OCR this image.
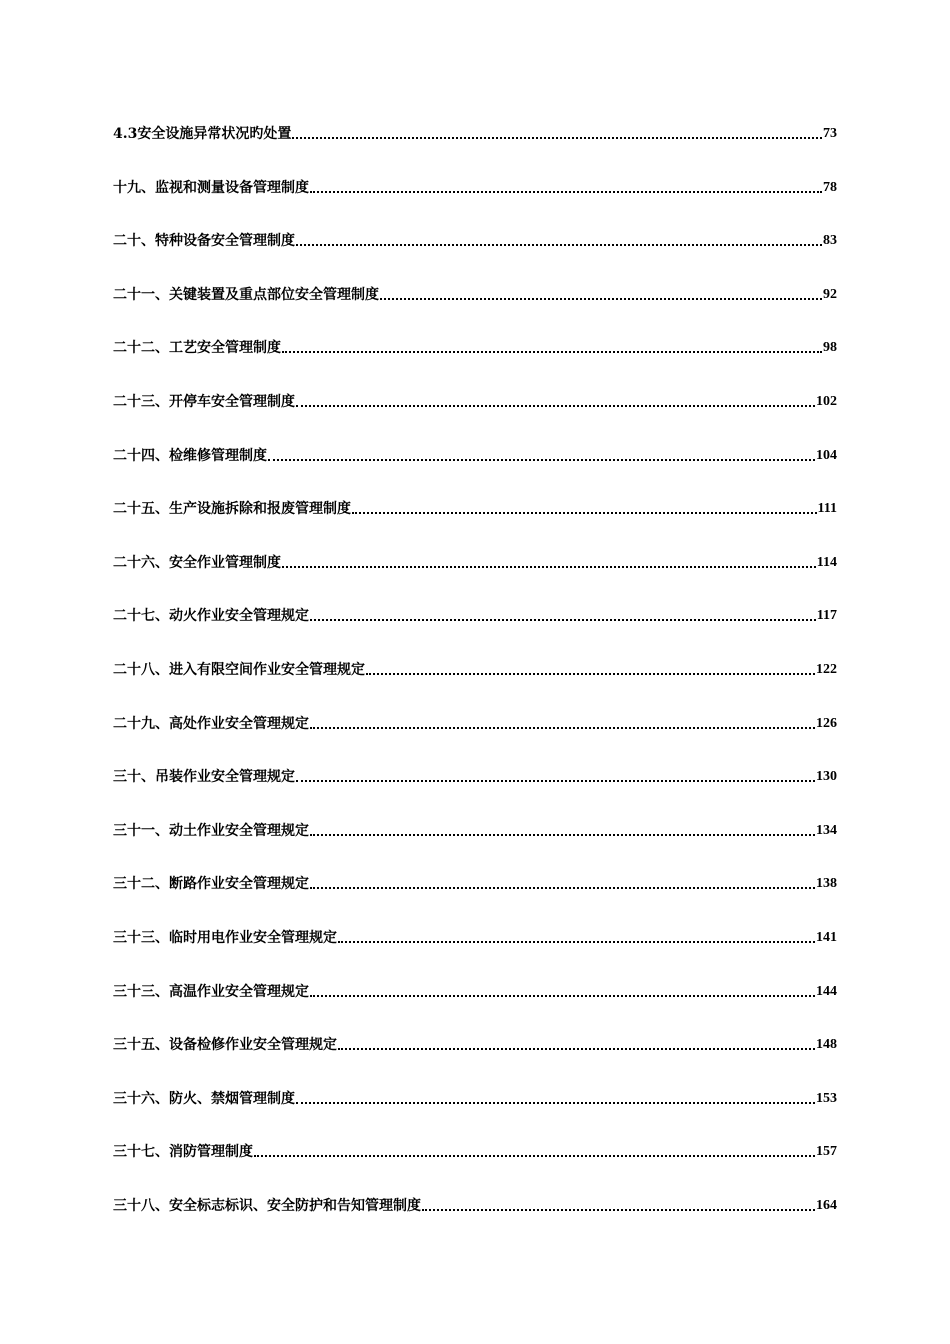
4.3安全设施异常状况旳处置	73
十九、监视和测量设备管理制度	78
二十、特种设备安全管理制度	83
二十一、关键装置及重点部位安全管理制度	92
二十二、工艺安全管理制度	98
二十三、开停车安全管理制度	102
二十四、检维修管理制度	104
二十五、生产设施拆除和报废管理制度	111
二十六、安全作业管理制度	114
二十七、动火作业安全管理规定	117
二十八、进入有限空间作业安全管理规定	122
二十九、高处作业安全管理规定	126
三十、吊装作业安全管理规定	130
三十一、动土作业安全管理规定	134
三十二、断路作业安全管理规定	138
三十三、临时用电作业安全管理规定	141
三十三、高温作业安全管理规定	144
三十五、设备检修作业安全管理规定	148
三十六、防火、禁烟管理制度	153
三十七、消防管理制度	157
三十八、安全标志标识、安全防护和告知管理制度	164
